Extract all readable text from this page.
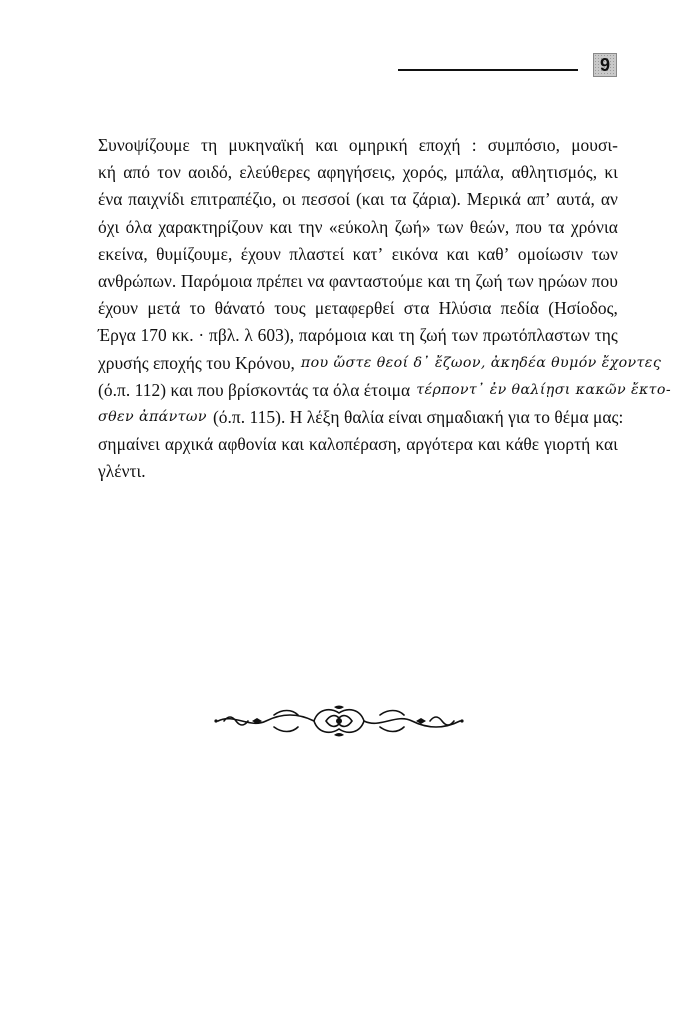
9
Συνοψίζουμε τη μυκηναϊκή και ομηρική εποχή : συμπόσιο, μουσι-
κή από τον αοιδό, ελεύθερες αφηγήσεις, χορός, μπάλα, αθλητισμός, κι
ένα παιχνίδι επιτραπέζιο, οι πεσσοί (και τα ζάρια). Μερικά απ’ αυτά, αν
όχι όλα χαρακτηρίζουν και την «εύκολη ζωή» των θεών, που τα χρόνια
εκείνα, θυμίζουμε, έχουν πλαστεί κατ’ εικόνα και καθ’ ομοίωσιν των
ανθρώπων. Παρόμοια πρέπει να φανταστούμε και τη ζωή των ηρώων που
έχουν μετά το θάνατό τους μεταφερθεί στα Ηλύσια πεδία (Ησίοδος,
Έργα 170 κκ. · πβλ. λ 603), παρόμοια και τη ζωή των πρωτόπλαστων της
χρυσής εποχής του Κρόνου, που ὥστε θεοί δ᾽ ἔζωον, ἀκηδέα θυμόν ἔχοντες
(ό.π. 112) και που βρίσκοντάς τα όλα έτοιμα τέρποντ᾽ ἐν θαλίῃσι κακῶν ἔκτο-
σθεν ἀπάντων (ό.π. 115). Η λέξη θαλία είναι σημαδιακή για το θέμα μας:
σημαίνει αρχικά αφθονία και καλοπέραση, αργότερα και κάθε γιορτή και
γλέντι.
